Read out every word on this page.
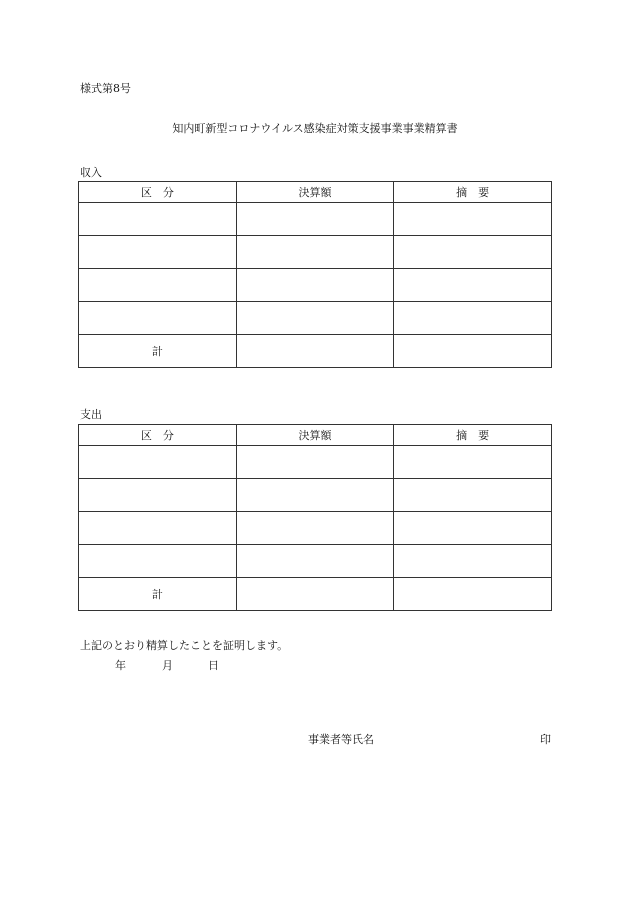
様式第8号
知内町新型コロナウイルス感染症対策支援事業事業精算書
収入
区　分	決算額	摘　要

計		
支出
区　分	決算額	摘　要

計		
上記のとおり精算したことを証明します。
年	月	日
事業者等氏名	印
